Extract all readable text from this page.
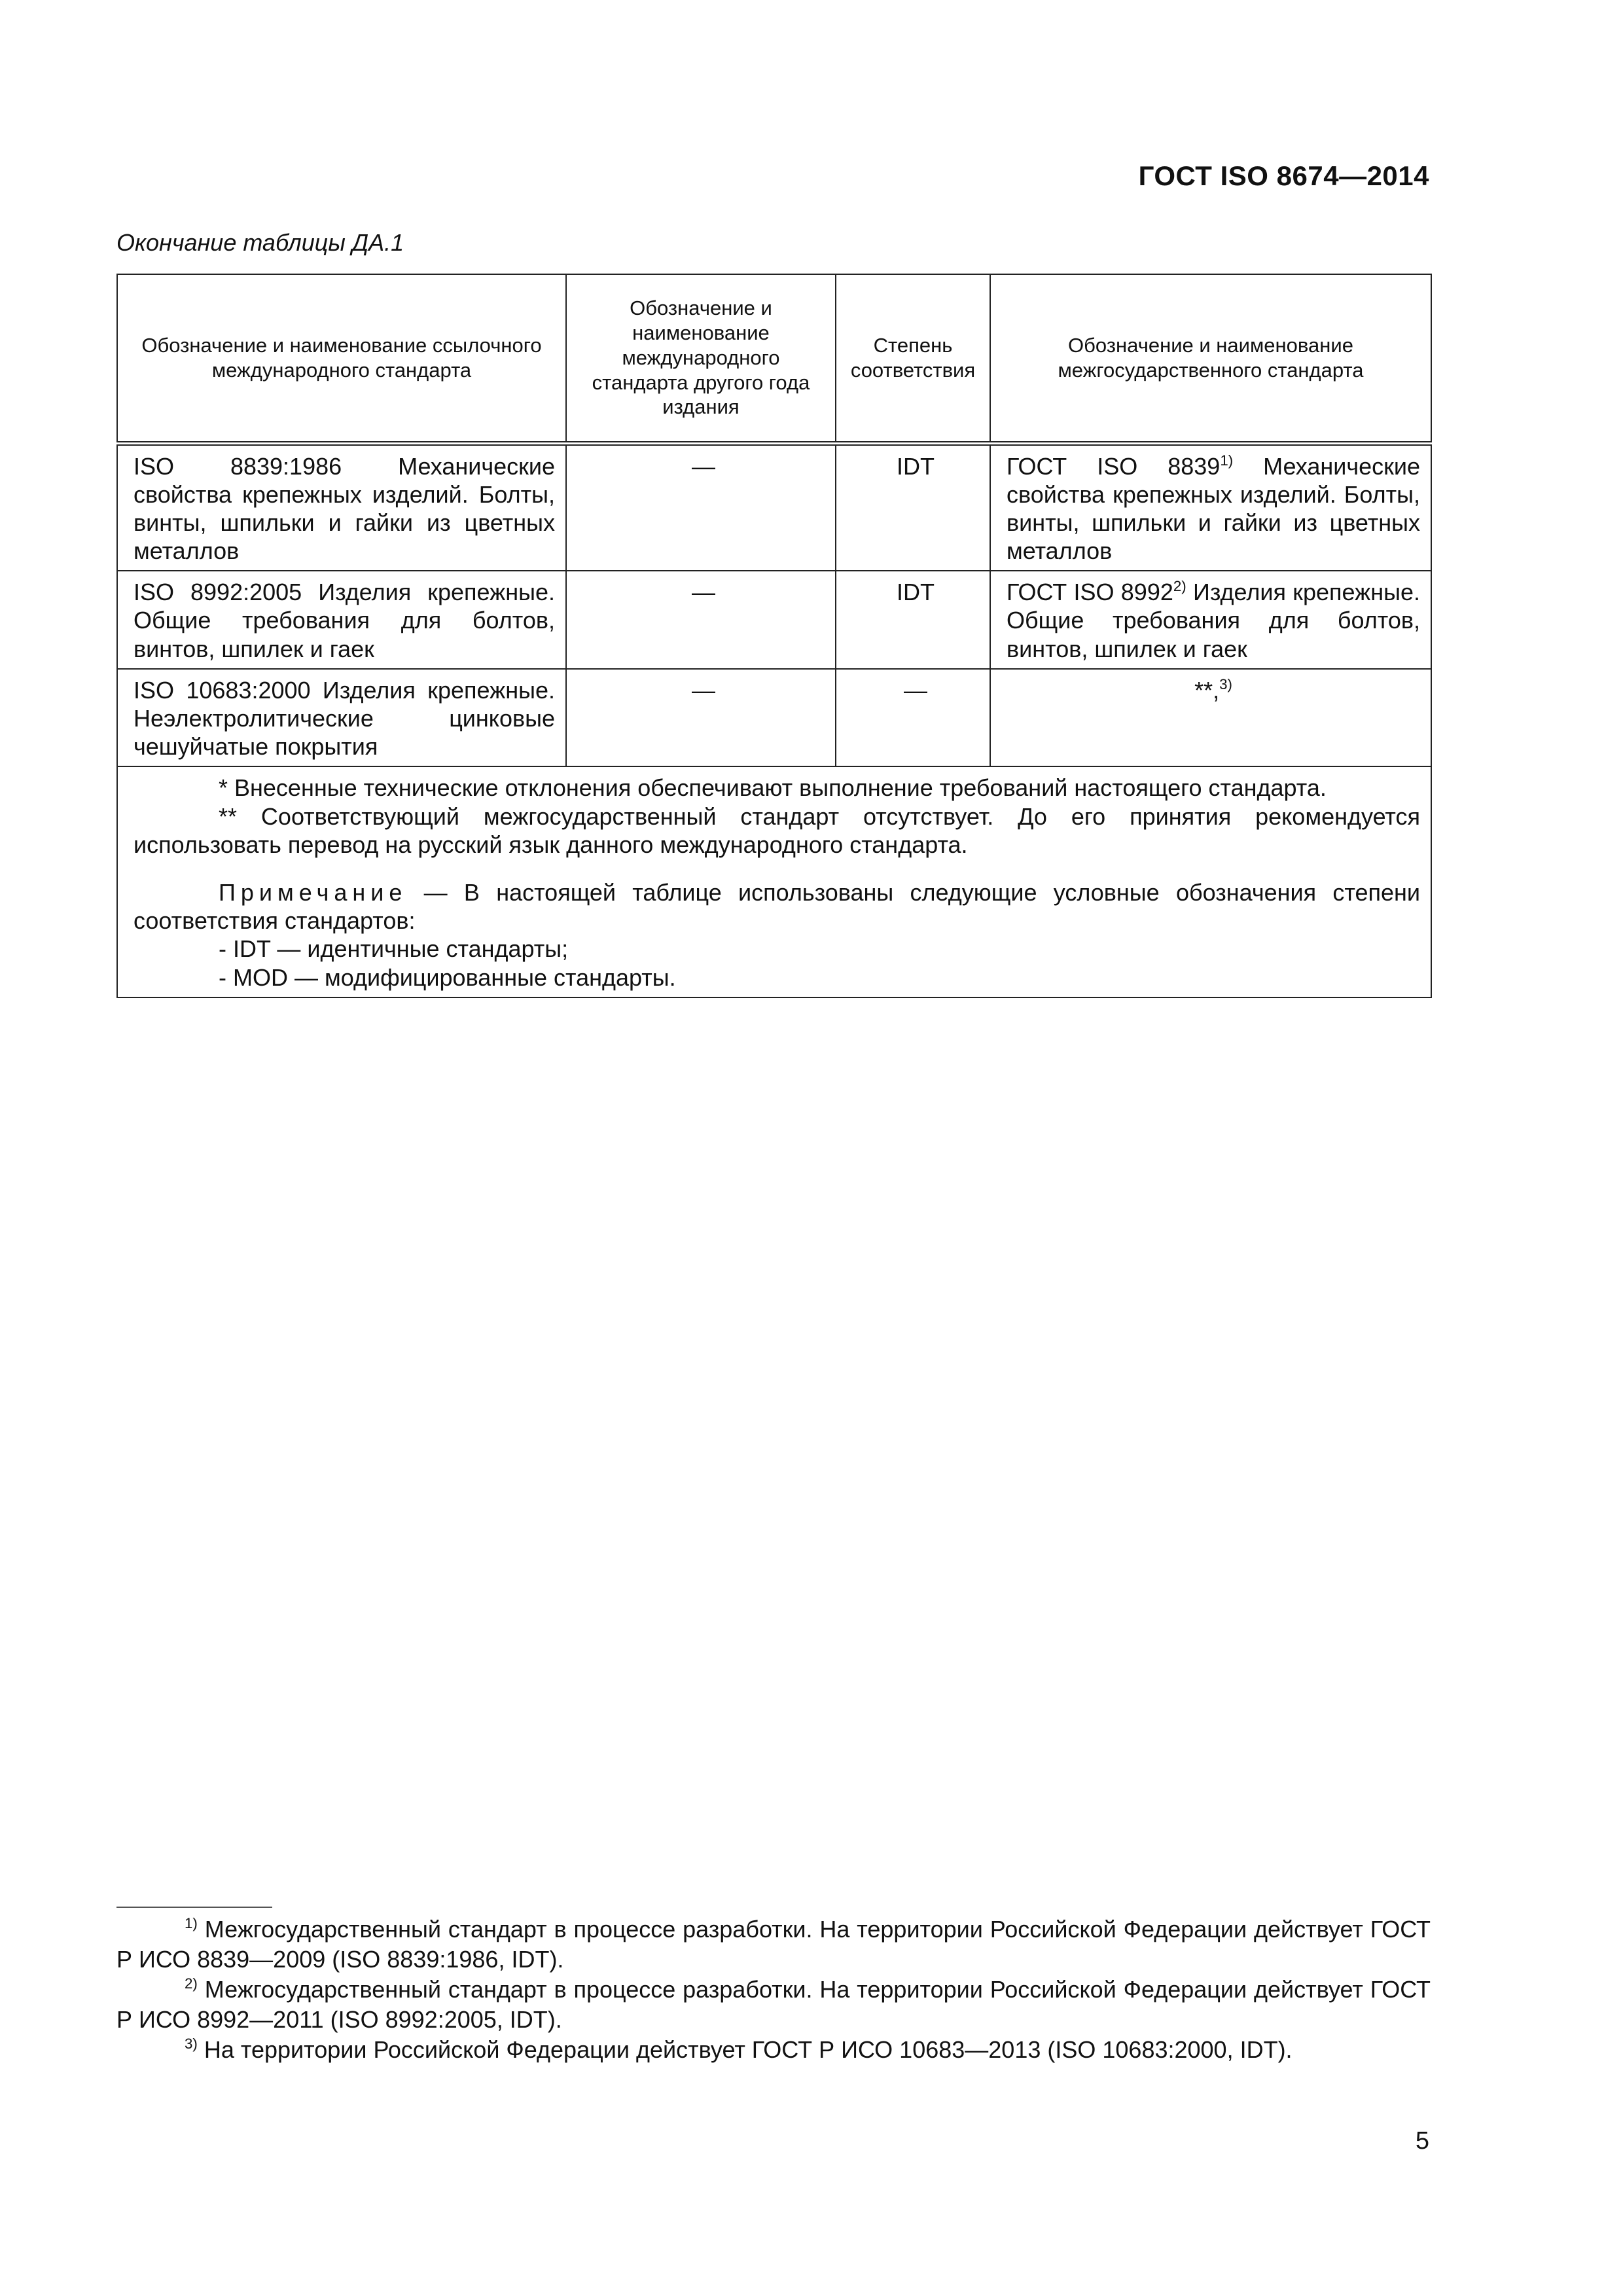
ГОСТ ISO 8674—2014
Окончание таблицы ДА.1
Обозначение и наименование ссылочного международного стандарта	Обозначение и наименование международного стандарта другого года издания	Степень соответствия	Обозначение и наименование межгосударственного стандарта
ISO 8839:1986 Механические свойства крепежных изделий. Болты, винты, шпильки и гайки из цветных металлов	—	IDT	ГОСТ ISO 8839$^{1)}$ Механические свойства крепежных изделий. Болты, винты, шпильки и гайки из цветных металлов
ISO 8992:2005 Изделия крепежные. Общие требования для болтов, винтов, шпилек и гаек	—	IDT	ГОСТ ISO 8992$^{2)}$ Изделия крепежные. Общие требования для болтов, винтов, шпилек и гаек
ISO 10683:2000 Изделия крепежные. Неэлектролитические цинковые чешуйчатые покрытия	—	—	**,$^{3)}$

* Внесенные технические отклонения обеспечивают выполнение требований настоящего стандарта.

** Соответствующий межгосударственный стандарт отсутствует. До его принятия рекомендуется использовать перевод на русский язык данного международного стандарта.

Примечание — В настоящей таблице использованы следующие условные обозначения степени соответствия стандартов:

- IDT — идентичные стандарты;
- MOD — модифицированные стандарты.			

$^{1)}$ Межгосударственный стандарт в процессе разработки. На территории Российской Федерации действует ГОСТ Р ИСО 8839—2009 (ISO 8839:1986, IDT).

$^{2)}$ Межгосударственный стандарт в процессе разработки. На территории Российской Федерации действует ГОСТ Р ИСО 8992—2011 (ISO 8992:2005, IDT).

$^{3)}$ На территории Российской Федерации действует ГОСТ Р ИСО 10683—2013 (ISO 10683:2000, IDT).

5
